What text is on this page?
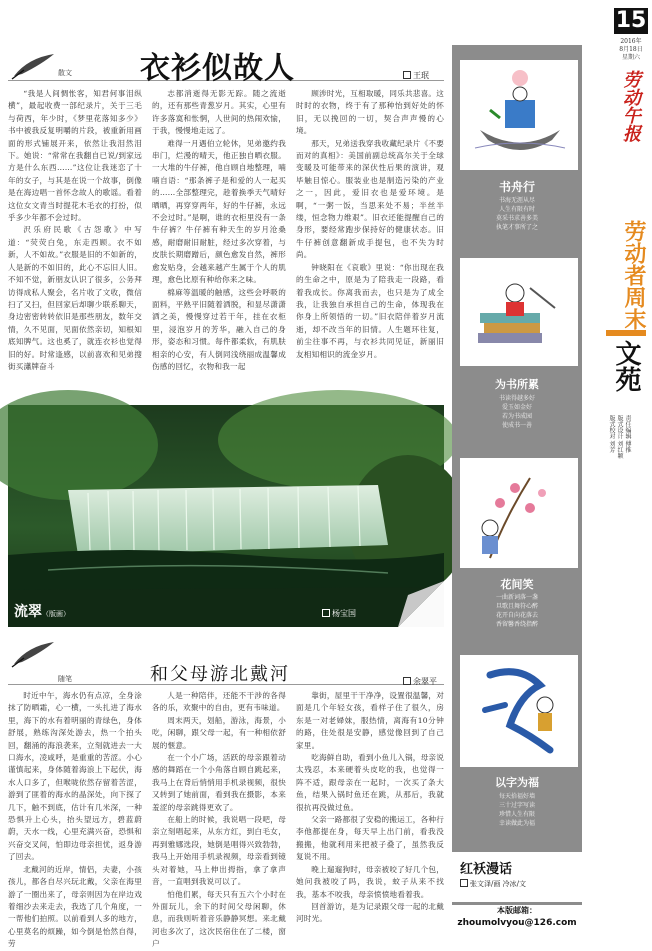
15
2016年
8月18日
星期六
劳动午报
劳动者周末
文苑
责任编辑 傅推
版式设计 刘红颖
版式校对 刘芳
散文 衣衫似故人	王珉

“我是人间惆怅客，知君何事泪纵横”，最起收费一部纪录片，关于三毛与荷西，年少时，《梦里花落知多少》书中被我反复明嚼的片段，被重新用画面的形式铺展开来，依然让我泪然泪下。她说：“常常在我翻自已说/到家远方是什么东西……”这位让我迷恋了十年的女子，与其是在说一个故事，倒像是在海边唱一首怀念故人的歌谣。看着这位女文青当时提花木毛衣的打扮，似乎多少年都不会过时。

沢乐府民歌《古怨歌》中写道：“荧荧白兔，东走西顾。衣不如新，人不如故。”衣服是旧的不如新的，人是新的不如旧的，此心不忘旧人旧。不知不觉，新朋友认识了很多，公务拜访得成私人聚会，名片收了文收，微信扫了又扫，但回家后却聊少联系聊天，身边密密转转依旧是那些朋友，数年交情，久不见面，见面依然亲切，知根知底知脾气。这也奚了，就连衣衫也觉得旧的好。时常逢感，以前喜欢和见弟搜街买瀟牌奋斗

志都消逝得无影无踪。随之流逝的，还有那些青葱岁月。其实，心里有许多落寞和怅惘，人世间的热闹欢愉，于我，慢慢地走远了。

难得一月遇伯立轮休，见弟邀约我串门，烂漫的晴天，他正独自晒衣服。一大堆的牛仔裤，他自顾自地整理，喃喃自语：“那条裤子是和爱的人一起买的……全部整理完，趁着换季天气晴好晒晒，再穿穿两年，好的牛仔裤，永远不会过时。”是啊，谁的衣柜里没有一条牛仔裤？牛仔裤有种天生的岁月沧桑感，耐磨耐旧耐脏，经过多次穿着，与皮肤长期磨蹭后，颜色愈发自然，裤形愈发贴身，会越来越产生属于个人的肌理，愈色比原有种给你来之味。

棉麻等温暖的触感，这些会呼吸的面料，平熟平旧随着洒脱，和显尽潇潇洒之美，慢慢穿过若干年，挂在衣柜里，浸泡岁月的芳华，融入自己的身形，姿态和习惯。每件都柔软，有肌肤相亲的心安，有人倒同浅绕丽成温馨成伤感的回忆，衣物和我一起

顾涉时光，互相取暖，同乐共悲喜。这时时的衣物，终于有了那种怡到好处的怀旧，无以挽回的一切，契合声声慢的心境。

那天，兄弟送我穿我收藏纪录片《不要而对的真相》：美国前副总统高尔关于全球变暖及可能带来的深伏性后果的演讲，观毕触目惊心。服装业也是制造污染的产业之一，因此，爱旧衣也是爱环境。是啊，“一粥一饭，当思来处不易；半丝半缕，恒念物力维艰”。旧衣还能提醒自己的身形，要经常跑步保持好的健康状态。旧牛仔裤创意翻新成手提包，也不失为时尚。

钟晓阳在《哀歌》里说：“你出现在我的生命之中，原是为了陪我走一段路，看着我成长。你离我而去，也只是为了成全我，让我独自承担自己的生命，体现我在你身上所领悟的一切。”旧衣陪伴着岁月流逝，却不改当年的旧情。人生题环往复，前尘往事不再，与衣衫共同见证，新丽旧友相知相识的流金岁月。

流翠（版画）	杨宝国
随笔	和父母游北戴河	余翠平

时近中午，海水仍有点凉，全身涂抹了防晒霜，心一横，一头扎进了海水里，海下的水有着明丽的青绿色，身体舒展，熟练沟深处游去，热一个拍头回，翻涌的海浪袭来，立刻就进去一大口海水，凌咸呼，是重重的苦涩。小心谨慎起来，身体随着海浪上下起伏，海水人口多了，但喉咙依然存留着苦涩，游到了匪着的海水的晶深处，向下探了几下，触不到底，估计有几米深，一种恐惧升上心头，抬头望远方，碧蓝蔚蔚，天水一线，心里充满兴奋，恐惧和兴奋交叉间，怕即边母亲担忧，返身游了回去。

北戴河的近岸，情侣，夫妻，小孩孩儿，都各自尽兴玩北戴，父亲在海里游了一圈出来了，母亲则因为在岸边戏着细沙去来走去，我选了几个角度，一一帮他们拍照。以前看到人多的地方，心里莫名的烦躁，如今倒是怡然自得，劳

人是一种陪伴，还能不干涉的各得各的乐，欢聚中的自由，更有韦味道。

周末两天，划船，游泳，海景，小吃，闲聊，跟父母一起，有一种相依舒展的惬意。

在一个小广场，活跃的母亲跟着动感的舞蹈在一个小角落自顾自跳起来，我马上在背后悄悄用手机录视频，很快又转到了她前面，看到我在摄影，本来羞涩的母亲跳得更欢了。

在船上的时候，我说唱一段吧，母亲立刻唱起来，从东方红，到白毛女，再到雅娜选段，她倒是唱得兴致勃勃，我马上开始用手机录视频，母亲看到镜头对着她，马上伸出拇指，拿了拿声音，一直唱到我说可以了。

怕他们累，每天只有五六个小时在外面玩儿，余下的时间父母闲聊，休息，而我则听着音乐静静冥想。来北戴河也多次了，这次民宿住在了二楼，窗户

靠街，屋里干干净净，设置很温馨，对面是几个年轻女孩，看样子住了很久，房东是一对老婦妹，服热情，离海有10分钟的路，住处很是安静，感觉像回到了自己家里。

吃海鲜自助，看到小鱼儿入锅，母亲说太残忍，本来硬着头皮吃的我，也觉得一阵不适，跟母亲在一起时，一次买了条大鱼，结果入锅时鱼还在跳，从那后，我就很抗再没做过鱼。

父亲一路都很了安稳的搬运工，各种行李他都提在身，每天早上出门前，看我没搬搬，他就利用来把被子叠了，虽然我反复说不用。

晚上遛遛狗时，母亲被咬了好几个包，她问我被咬了吗，我说，蚊子从来不找我，基本不咬我，母亲愤愤地看着我。

回首游访，是为记录跟父母一起的北戴河时光。

书舟行
书海无涯从尽
人生有限有时
莫采书求善多美
执笔才事所了之
为书所累
书读得越多好
爱玉如金好
若为书成园
使成书一善
花间笑
一曲新词落一盏
旦歌且舞符心醉
花开自向花落去
香留馨香绕指醉
以字为福
每天拾福好墙
三十过字写读
珍惜人生有限
幸读做此为福
红袄漫话
张文泽/画 冷冰/文
本版邮箱：
zhoumolvyou@126.com
